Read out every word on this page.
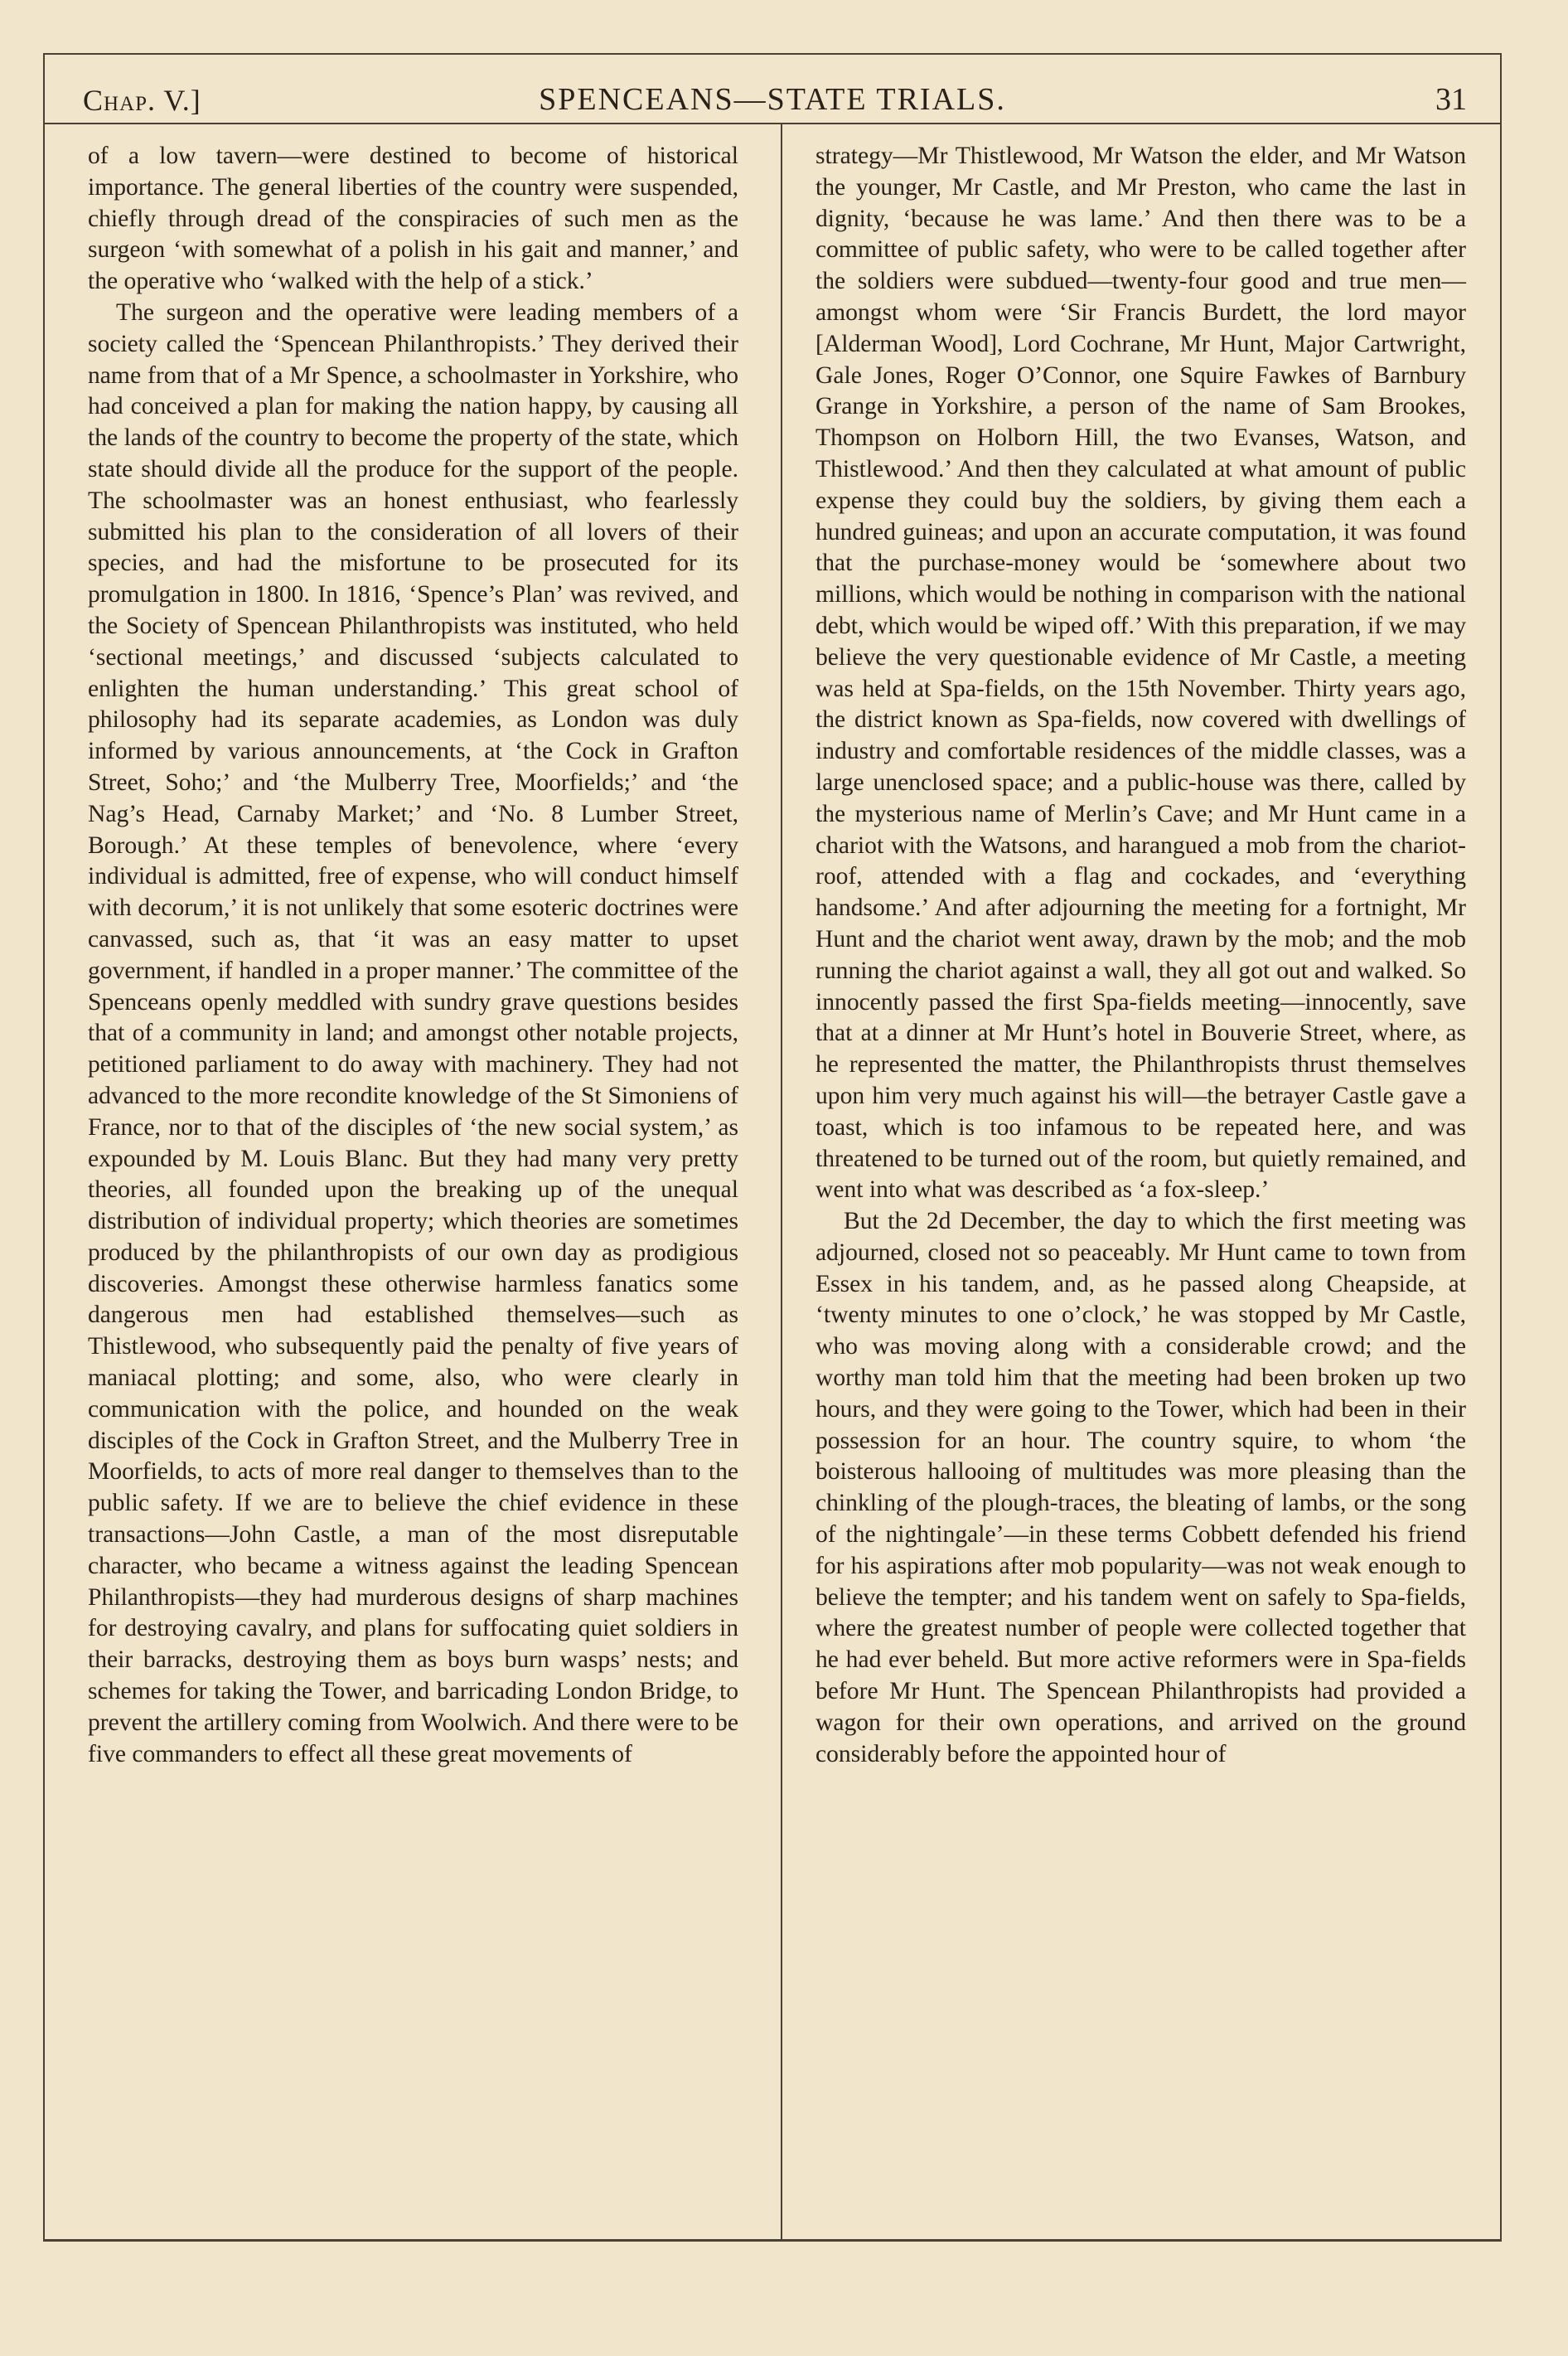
Chap. V.]	SPENCEANS—STATE TRIALS.	31

of a low tavern—were destined to become of historical importance. The general liberties of the country were suspended, chiefly through dread of the conspiracies of such men as the surgeon ‘with somewhat of a polish in his gait and manner,’ and the operative who ‘walked with the help of a stick.’

The surgeon and the operative were leading members of a society called the ‘Spencean Philanthropists.’ They derived their name from that of a Mr Spence, a schoolmaster in Yorkshire, who had conceived a plan for making the nation happy, by causing all the lands of the country to become the property of the state, which state should divide all the produce for the support of the people. The schoolmaster was an honest enthusiast, who fearlessly submitted his plan to the consideration of all lovers of their species, and had the misfortune to be prosecuted for its promulgation in 1800. In 1816, ‘Spence’s Plan’ was revived, and the Society of Spencean Philanthropists was instituted, who held ‘sectional meetings,’ and discussed ‘subjects calculated to enlighten the human understanding.’ This great school of philosophy had its separate academies, as London was duly informed by various announcements, at ‘the Cock in Grafton Street, Soho;’ and ‘the Mulberry Tree, Moorfields;’ and ‘the Nag’s Head, Carnaby Market;’ and ‘No. 8 Lumber Street, Borough.’ At these temples of benevolence, where ‘every individual is admitted, free of expense, who will conduct himself with decorum,’ it is not unlikely that some esoteric doctrines were canvassed, such as, that ‘it was an easy matter to upset government, if handled in a proper manner.’ The committee of the Spenceans openly meddled with sundry grave questions besides that of a community in land; and amongst other notable projects, petitioned parliament to do away with machinery. They had not advanced to the more recondite knowledge of the St Simoniens of France, nor to that of the disciples of ‘the new social system,’ as expounded by M. Louis Blanc. But they had many very pretty theories, all founded upon the breaking up of the unequal distribution of individual property; which theories are sometimes produced by the philanthropists of our own day as prodigious discoveries. Amongst these otherwise harmless fanatics some dangerous men had established themselves—such as Thistlewood, who subsequently paid the penalty of five years of maniacal plotting; and some, also, who were clearly in communication with the police, and hounded on the weak disciples of the Cock in Grafton Street, and the Mulberry Tree in Moorfields, to acts of more real danger to themselves than to the public safety. If we are to believe the chief evidence in these transactions—John Castle, a man of the most disreputable character, who became a witness against the leading Spencean Philanthropists—they had murderous designs of sharp machines for destroying cavalry, and plans for suffocating quiet soldiers in their barracks, destroying them as boys burn wasps’ nests; and schemes for taking the Tower, and barricading London Bridge, to prevent the artillery coming from Woolwich. And there were to be five commanders to effect all these great movements of

strategy—Mr Thistlewood, Mr Watson the elder, and Mr Watson the younger, Mr Castle, and Mr Preston, who came the last in dignity, ‘because he was lame.’ And then there was to be a committee of public safety, who were to be called together after the soldiers were subdued—twenty-four good and true men—amongst whom were ‘Sir Francis Burdett, the lord mayor [Alderman Wood], Lord Cochrane, Mr Hunt, Major Cartwright, Gale Jones, Roger O’Connor, one Squire Fawkes of Barnbury Grange in Yorkshire, a person of the name of Sam Brookes, Thompson on Holborn Hill, the two Evanses, Watson, and Thistlewood.’ And then they calculated at what amount of public expense they could buy the soldiers, by giving them each a hundred guineas; and upon an accurate computation, it was found that the purchase-money would be ‘somewhere about two millions, which would be nothing in comparison with the national debt, which would be wiped off.’ With this preparation, if we may believe the very questionable evidence of Mr Castle, a meeting was held at Spa-fields, on the 15th November. Thirty years ago, the district known as Spa-fields, now covered with dwellings of industry and comfortable residences of the middle classes, was a large unenclosed space; and a public-house was there, called by the mysterious name of Merlin’s Cave; and Mr Hunt came in a chariot with the Watsons, and harangued a mob from the chariot-roof, attended with a flag and cockades, and ‘everything handsome.’ And after adjourning the meeting for a fortnight, Mr Hunt and the chariot went away, drawn by the mob; and the mob running the chariot against a wall, they all got out and walked. So innocently passed the first Spa-fields meeting—innocently, save that at a dinner at Mr Hunt’s hotel in Bouverie Street, where, as he represented the matter, the Philanthropists thrust themselves upon him very much against his will—the betrayer Castle gave a toast, which is too infamous to be repeated here, and was threatened to be turned out of the room, but quietly remained, and went into what was described as ‘a fox-sleep.’

But the 2d December, the day to which the first meeting was adjourned, closed not so peaceably. Mr Hunt came to town from Essex in his tandem, and, as he passed along Cheapside, at ‘twenty minutes to one o’clock,’ he was stopped by Mr Castle, who was moving along with a considerable crowd; and the worthy man told him that the meeting had been broken up two hours, and they were going to the Tower, which had been in their possession for an hour. The country squire, to whom ‘the boisterous hallooing of multitudes was more pleasing than the chinkling of the plough-traces, the bleating of lambs, or the song of the nightingale’—in these terms Cobbett defended his friend for his aspirations after mob popularity—was not weak enough to believe the tempter; and his tandem went on safely to Spa-fields, where the greatest number of people were collected together that he had ever beheld. But more active reformers were in Spa-fields before Mr Hunt. The Spencean Philanthropists had provided a wagon for their own operations, and arrived on the ground considerably before the appointed hour of
